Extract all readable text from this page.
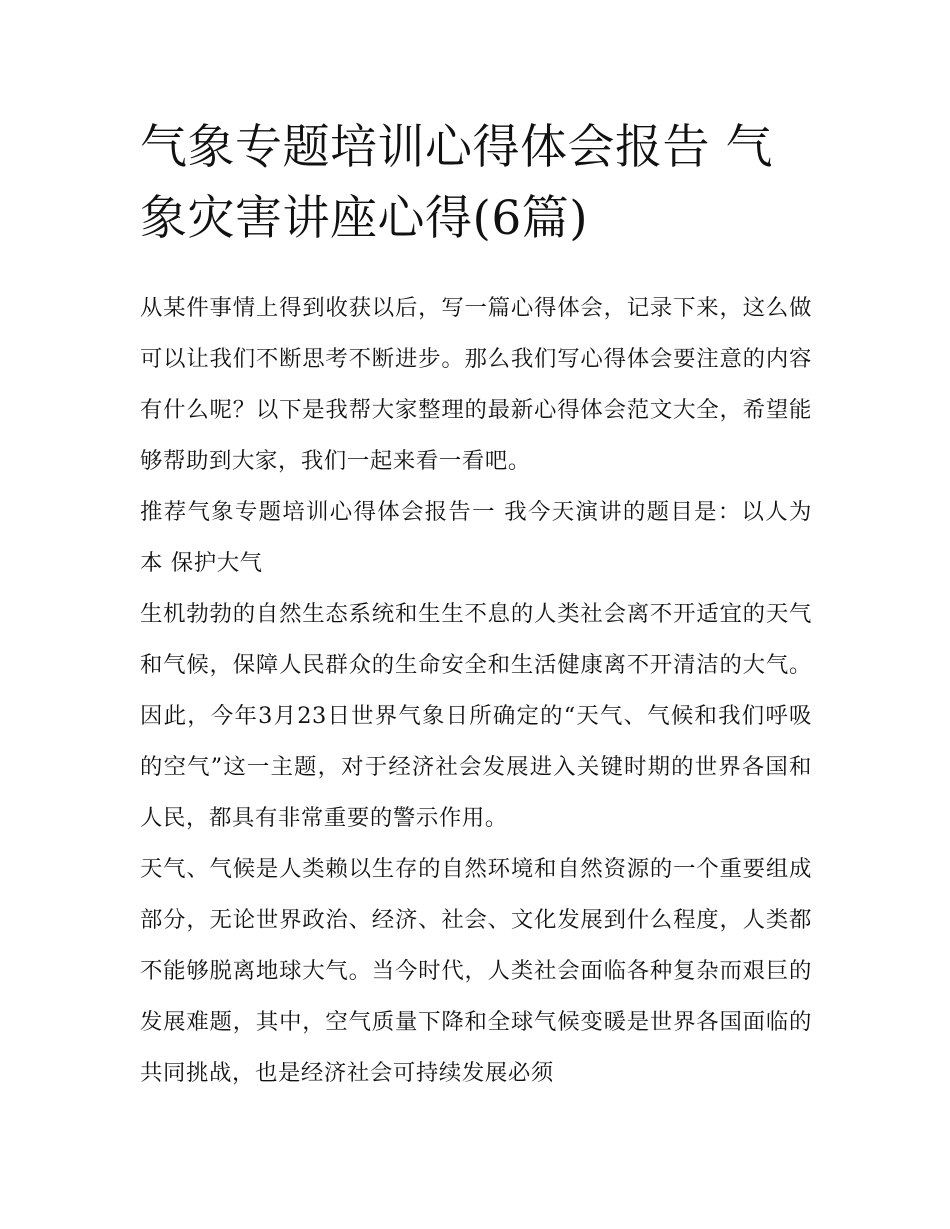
气象专题培训心得体会报告 气象灾害讲座心得(6篇)

从某件事情上得到收获以后，写一篇心得体会，记录下来，这么做可以让我们不断思考不断进步。那么我们写心得体会要注意的内容有什么呢？以下是我帮大家整理的最新心得体会范文大全，希望能够帮助到大家，我们一起来看一看吧。

推荐气象专题培训心得体会报告一 我今天演讲的题目是：以人为本 保护大气

生机勃勃的自然生态系统和生生不息的人类社会离不开适宜的天气和气候，保障人民群众的生命安全和生活健康离不开清洁的大气。因此，今年3月23日世界气象日所确定的“天气、气候和我们呼吸的空气”这一主题，对于经济社会发展进入关键时期的世界各国和人民，都具有非常重要的警示作用。

天气、气候是人类赖以生存的自然环境和自然资源的一个重要组成部分，无论世界政治、经济、社会、文化发展到什么程度，人类都不能够脱离地球大气。当今时代，人类社会面临各种复杂而艰巨的发展难题，其中，空气质量下降和全球气候变暖是世界各国面临的共同挑战，也是经济社会可持续发展必须
